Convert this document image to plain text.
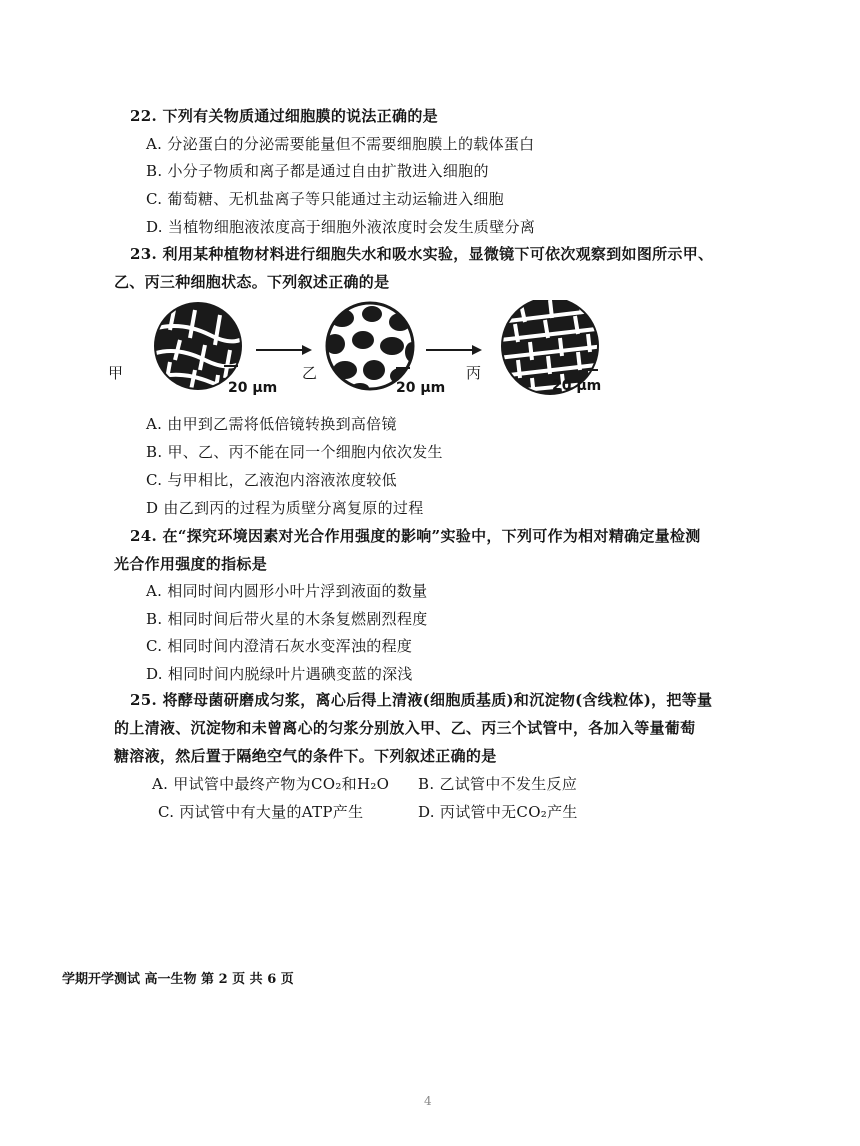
22. 下列有关物质通过细胞膜的说法正确的是
A. 分泌蛋白的分泌需要能量但不需要细胞膜上的载体蛋白
B. 小分子物质和离子都是通过自由扩散进入细胞的
C. 葡萄糖、无机盐离子等只能通过主动运输进入细胞
D. 当植物细胞液浓度高于细胞外液浓度时会发生质壁分离
23. 利用某种植物材料进行细胞失水和吸水实验，显微镜下可依次观察到如图所示甲、
乙、丙三种细胞状态。下列叙述正确的是
甲	乙	丙
20 μm	20 μm	20 μm
A. 由甲到乙需将低倍镜转换到高倍镜
B. 甲、乙、丙不能在同一个细胞内依次发生
C. 与甲相比，乙液泡内溶液浓度较低
D 由乙到丙的过程为质壁分离复原的过程
24. 在“探究环境因素对光合作用强度的影响”实验中，下列可作为相对精确定量检测
光合作用强度的指标是
A. 相同时间内圆形小叶片浮到液面的数量
B. 相同时间后带火星的木条复燃剧烈程度
C. 相同时间内澄清石灰水变浑浊的程度
D. 相同时间内脱绿叶片遇碘变蓝的深浅
25. 将酵母菌研磨成匀浆，离心后得上清液(细胞质基质)和沉淀物(含线粒体)，把等量
的上清液、沉淀物和未曾离心的匀浆分别放入甲、乙、丙三个试管中，各加入等量葡萄
糖溶液，然后置于隔绝空气的条件下。下列叙述正确的是
A. 甲试管中最终产物为CO₂和H₂O B. 乙试管中不发生反应
C. 丙试管中有大量的ATP产生	D. 丙试管中无CO₂产生
学期开学测试 高一生物 第 2 页 共 6 页
4
